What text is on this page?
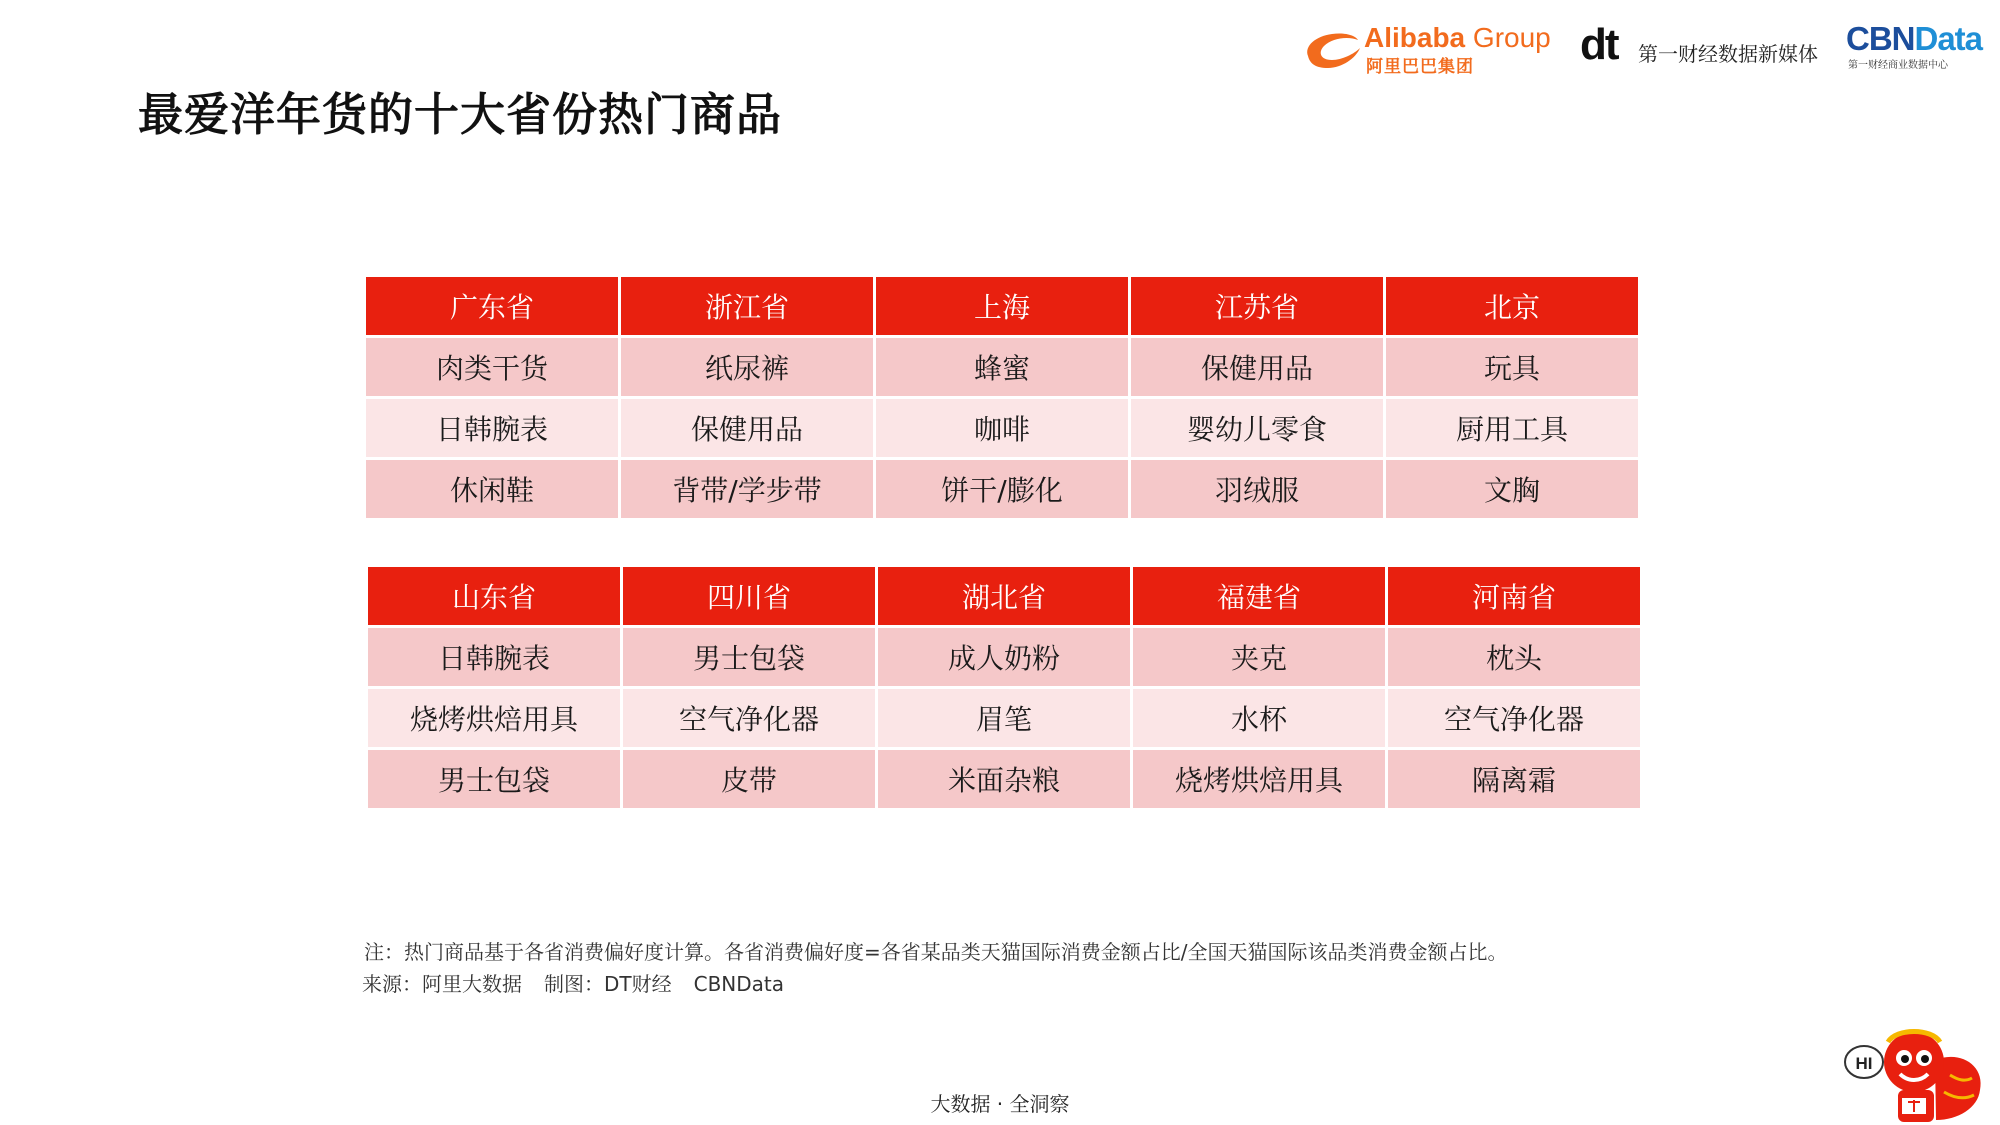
最爱洋年货的十大省份热门商品
Alibaba Group
阿里巴巴集团 dt 第一财经数据新媒体 CBNData
第一财经商业数据中心
广东省	浙江省	上海	江苏省	北京
肉类干货	纸尿裤	蜂蜜	保健用品	玩具
日韩腕表	保健用品	咖啡	婴幼儿零食	厨用工具
休闲鞋	背带/学步带	饼干/膨化	羽绒服	文胸
山东省	四川省	湖北省	福建省	河南省
日韩腕表	男士包袋	成人奶粉	夹克	枕头
烧烤烘焙用具	空气净化器	眉笔	水杯	空气净化器
男士包袋	皮带	米面杂粮	烧烤烘焙用具	隔离霜
注：热门商品基于各省消费偏好度计算。各省消费偏好度=各省某品类天猫国际消费金额占比/全国天猫国际该品类消费金额占比。
来源：阿里大数据 制图：DT财经 CBNData
大数据 · 全洞察
HI
